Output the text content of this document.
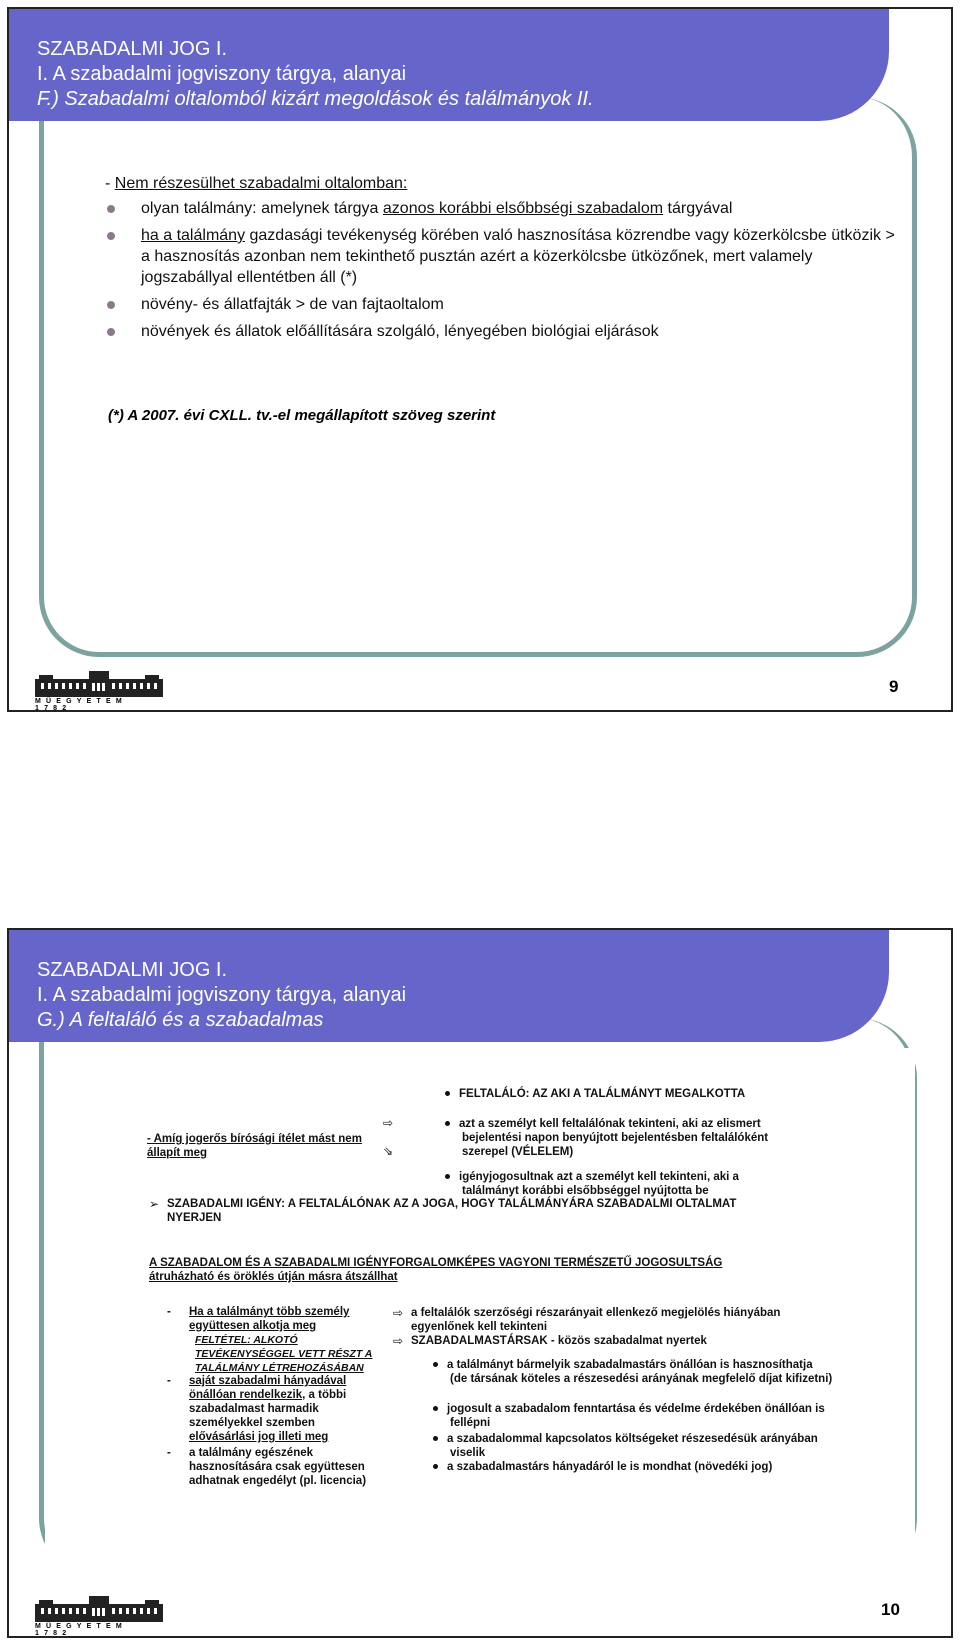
SZABADALMI JOG I.
I. A szabadalmi jogviszony tárgya, alanyai
F.) Szabadalmi oltalomból kizárt megoldások és találmányok II.
- Nem részesülhet szabadalmi oltalomban:
olyan találmány: amelynek tárgya azonos korábbi elsőbbségi szabadalom tárgyával
ha a találmány gazdasági tevékenység körében való hasznosítása közrendbe vagy közerkölcsbe ütközik > a hasznosítás azonban nem tekinthető pusztán azért a közerkölcsbe ütközőnek, mert valamely jogszabállyal ellentétben áll (*)
növény- és állatfajták > de van fajtaoltalom
növények és állatok előállítására szolgáló, lényegében biológiai eljárások
(*) A 2007. évi CXLL. tv.-el megállapított szöveg szerint
MŰEGYETEM 1782
9
SZABADALMI JOG I.
I. A szabadalmi jogviszony tárgya, alanyai
G.) A feltaláló és a szabadalmas
FELTALÁLÓ: AZ AKI A TALÁLMÁNYT MEGALKOTTA
⇨
⇘
- Amíg jogerős bírósági ítélet mást nem állapít meg
azt a személyt kell feltalálónak tekinteni, aki az elismert bejelentési napon benyújtott bejelentésben feltalálóként szerepel (VÉLELEM)
igényjogosultnak azt a személyt kell tekinteni, aki a találmányt korábbi elsőbbséggel nyújtotta be
➢ SZABADALMI IGÉNY: A FELTALÁLÓNAK AZ A JOGA, HOGY TALÁLMÁNYÁRA SZABADALMI OLTALMAT NYERJEN
A SZABADALOM ÉS A SZABADALMI IGÉNYFORGALOMKÉPES VAGYONI TERMÉSZETŰ JOGOSULTSÁG átruházható és öröklés útján másra átszállhat
- Ha a találmányt több személy együttesen alkotja meg
FELTÉTEL: ALKOTÓ TEVÉKENYSÉGGEL VETT RÉSZT A TALÁLMÁNY LÉTREHOZÁSÁBAN
- saját szabadalmi hányadával önállóan rendelkezik, a többi szabadalmast harmadik személyekkel szemben elővásárlási jog illeti meg
- a találmány egészének hasznosítására csak együttesen adhatnak engedélyt (pl. licencia)
⇨ a feltalálók szerzőségi részarányait ellenkező megjelölés hiányában egyenlőnek kell tekinteni
⇨ SZABADALMASTÁRSAK - közös szabadalmat nyertek
a találmányt bármelyik szabadalmastárs önállóan is hasznosíthatja (de társának köteles a részesedési arányának megfelelő díjat kifizetni)
jogosult a szabadalom fenntartása és védelme érdekében önállóan is fellépni
a szabadalommal kapcsolatos költségeket részesedésük arányában viselik
a szabadalmastárs hányadáról le is mondhat (növedéki jog)
MŰEGYETEM 1782
10
